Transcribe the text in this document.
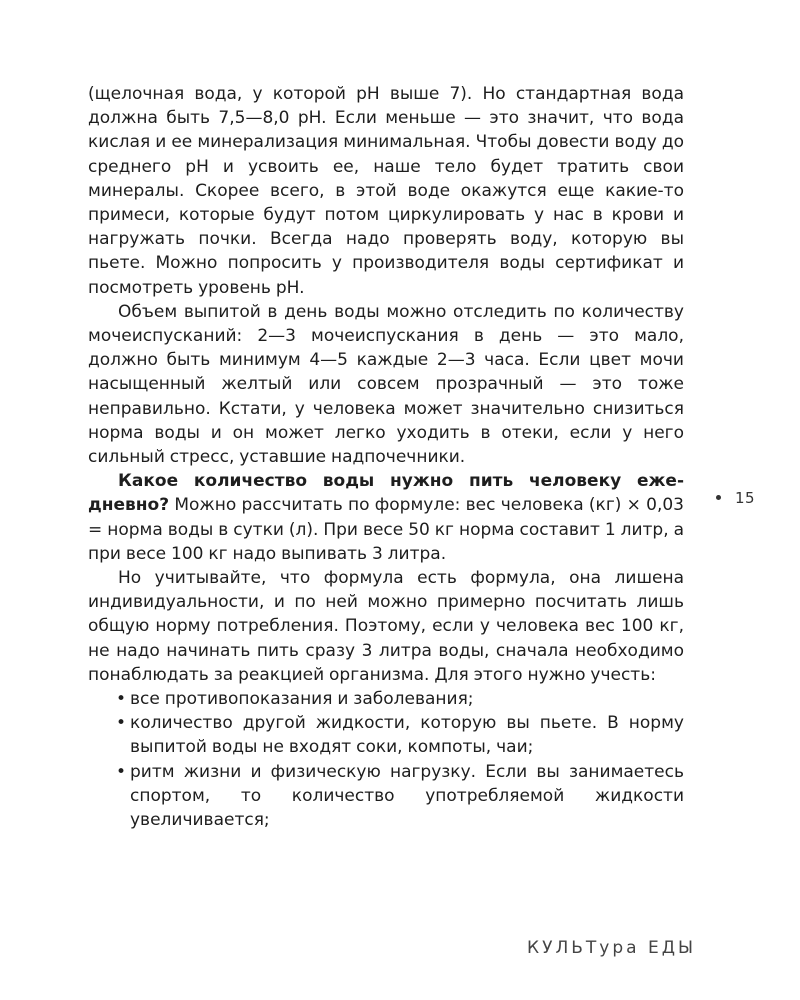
(щелочная вода, у которой pH выше 7). Но стандартная вода должна быть 7,5—8,0 pH. Если меньше — это значит, что вода кислая и ее минерализация минимальная. Чтобы довести воду до среднего pH и усвоить ее, наше тело будет тратить свои минералы. Скорее всего, в этой воде окажутся еще какие-то примеси, которые будут потом циркулировать у нас в крови и нагружать почки. Всегда надо проверять воду, которую вы пьете. Можно попросить у производителя воды сертификат и посмотреть уровень pH.

Объем выпитой в день воды можно отследить по количеству мочеиспусканий: 2—3 мочеиспускания в день — это мало, должно быть минимум 4—5 каждые 2—3 часа. Если цвет мочи насыщенный желтый или совсем прозрачный — это тоже неправильно. Кстати, у человека может значительно снизиться норма воды и он может легко уходить в отеки, если у него сильный стресс, уставшие надпочечники.

Какое количество воды нужно пить человеку ежедневно? Можно рассчитать по формуле: вес человека (кг) × 0,03 = норма воды в сутки (л). При весе 50 кг норма составит 1 литр, а при весе 100 кг надо выпивать 3 литра.

Но учитывайте, что формула есть формула, она лишена индивидуальности, и по ней можно примерно посчитать лишь общую норму потребления. Поэтому, если у человека вес 100 кг, не надо начинать пить сразу 3 литра воды, сначала необходимо понаблюдать за реакцией организма. Для этого нужно учесть:

• все противопоказания и заболевания;
• количество другой жидкости, которую вы пьете. В норму выпитой воды не входят соки, компоты, чаи;
• ритм жизни и физическую нагрузку. Если вы занимаетесь спортом, то количество употребляемой жидкости увеличивается;
15
КУЛЬТура ЕДЫ
